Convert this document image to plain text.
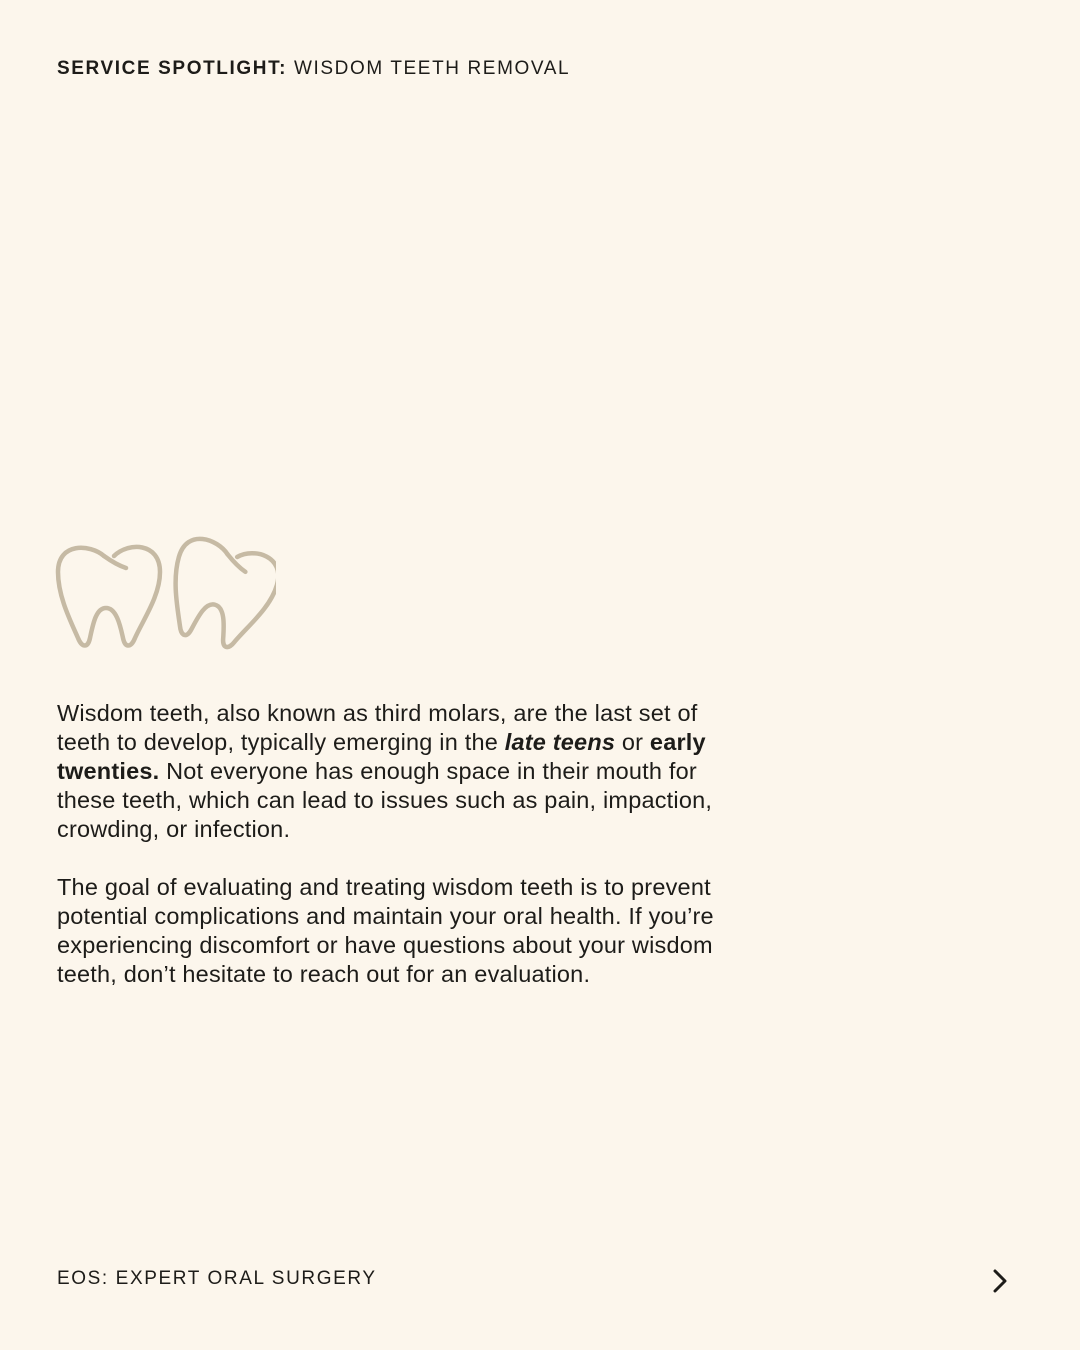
SERVICE SPOTLIGHT: WISDOM TEETH REMOVAL

Wisdom teeth, also known as third molars, are the last set of teeth to develop, typically emerging in the late teens or early twenties. Not everyone has enough space in their mouth for these teeth, which can lead to issues such as pain, impaction, crowding, or infection.

The goal of evaluating and treating wisdom teeth is to prevent potential complications and maintain your oral health. If you’re experiencing discomfort or have questions about your wisdom teeth, don’t hesitate to reach out for an evaluation.

EOS: EXPERT ORAL SURGERY
